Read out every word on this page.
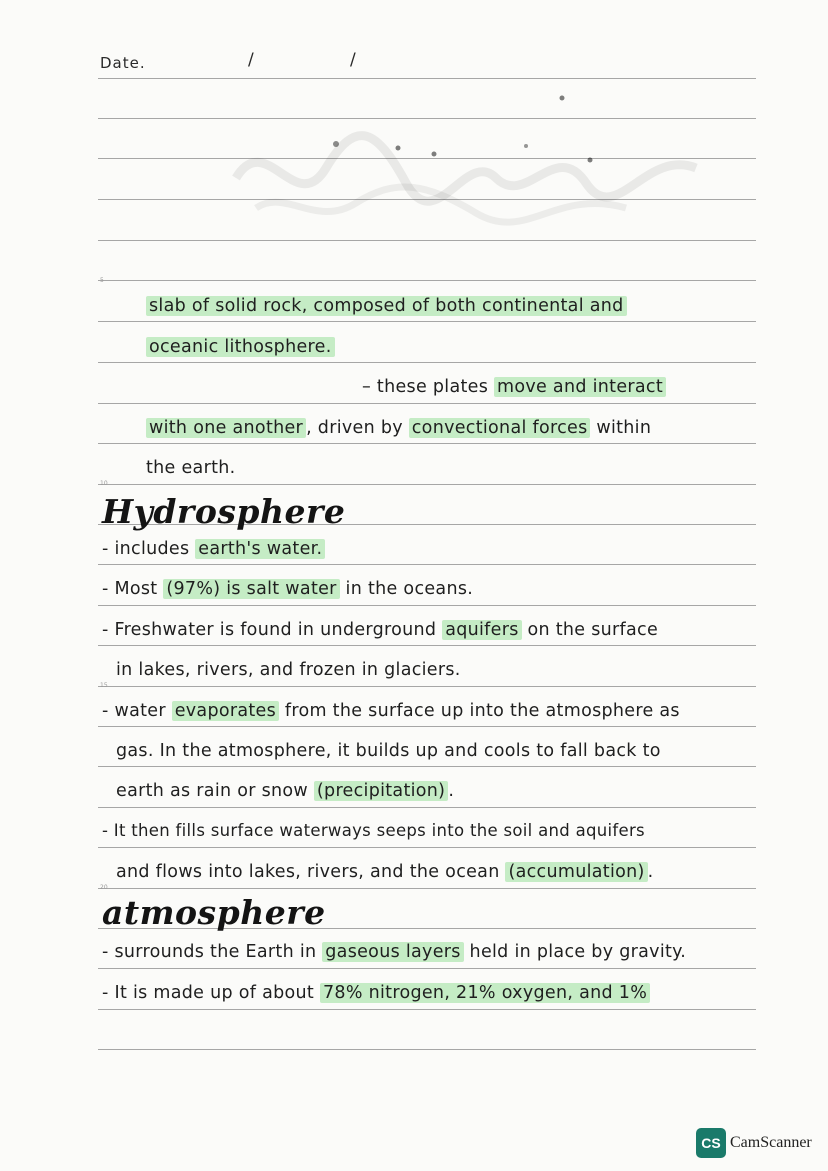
Date.	/	/
5
10
15
20

slab of solid rock, composed of both continental and
oceanic lithosphere.
– these plates move and interact
with one another , driven by convectional forces within
the earth.
Hydrosphere
- includes earth's water.
- Most (97%) is salt water in the oceans.
- Freshwater is found in underground aquifers on the surface
in lakes, rivers, and frozen in glaciers.
- water evaporates from the surface up into the atmosphere as
gas. In the atmosphere, it builds up and cools to fall back to
earth as rain or snow (precipitation) .
- It then fills surface waterways seeps into the soil and aquifers
and flows into lakes, rivers, and the ocean (accumulation) .
atmosphere
- surrounds the Earth in gaseous layers held in place by gravity.
- It is made up of about 78% nitrogen, 21% oxygen, and 1%
CS CamScanner
